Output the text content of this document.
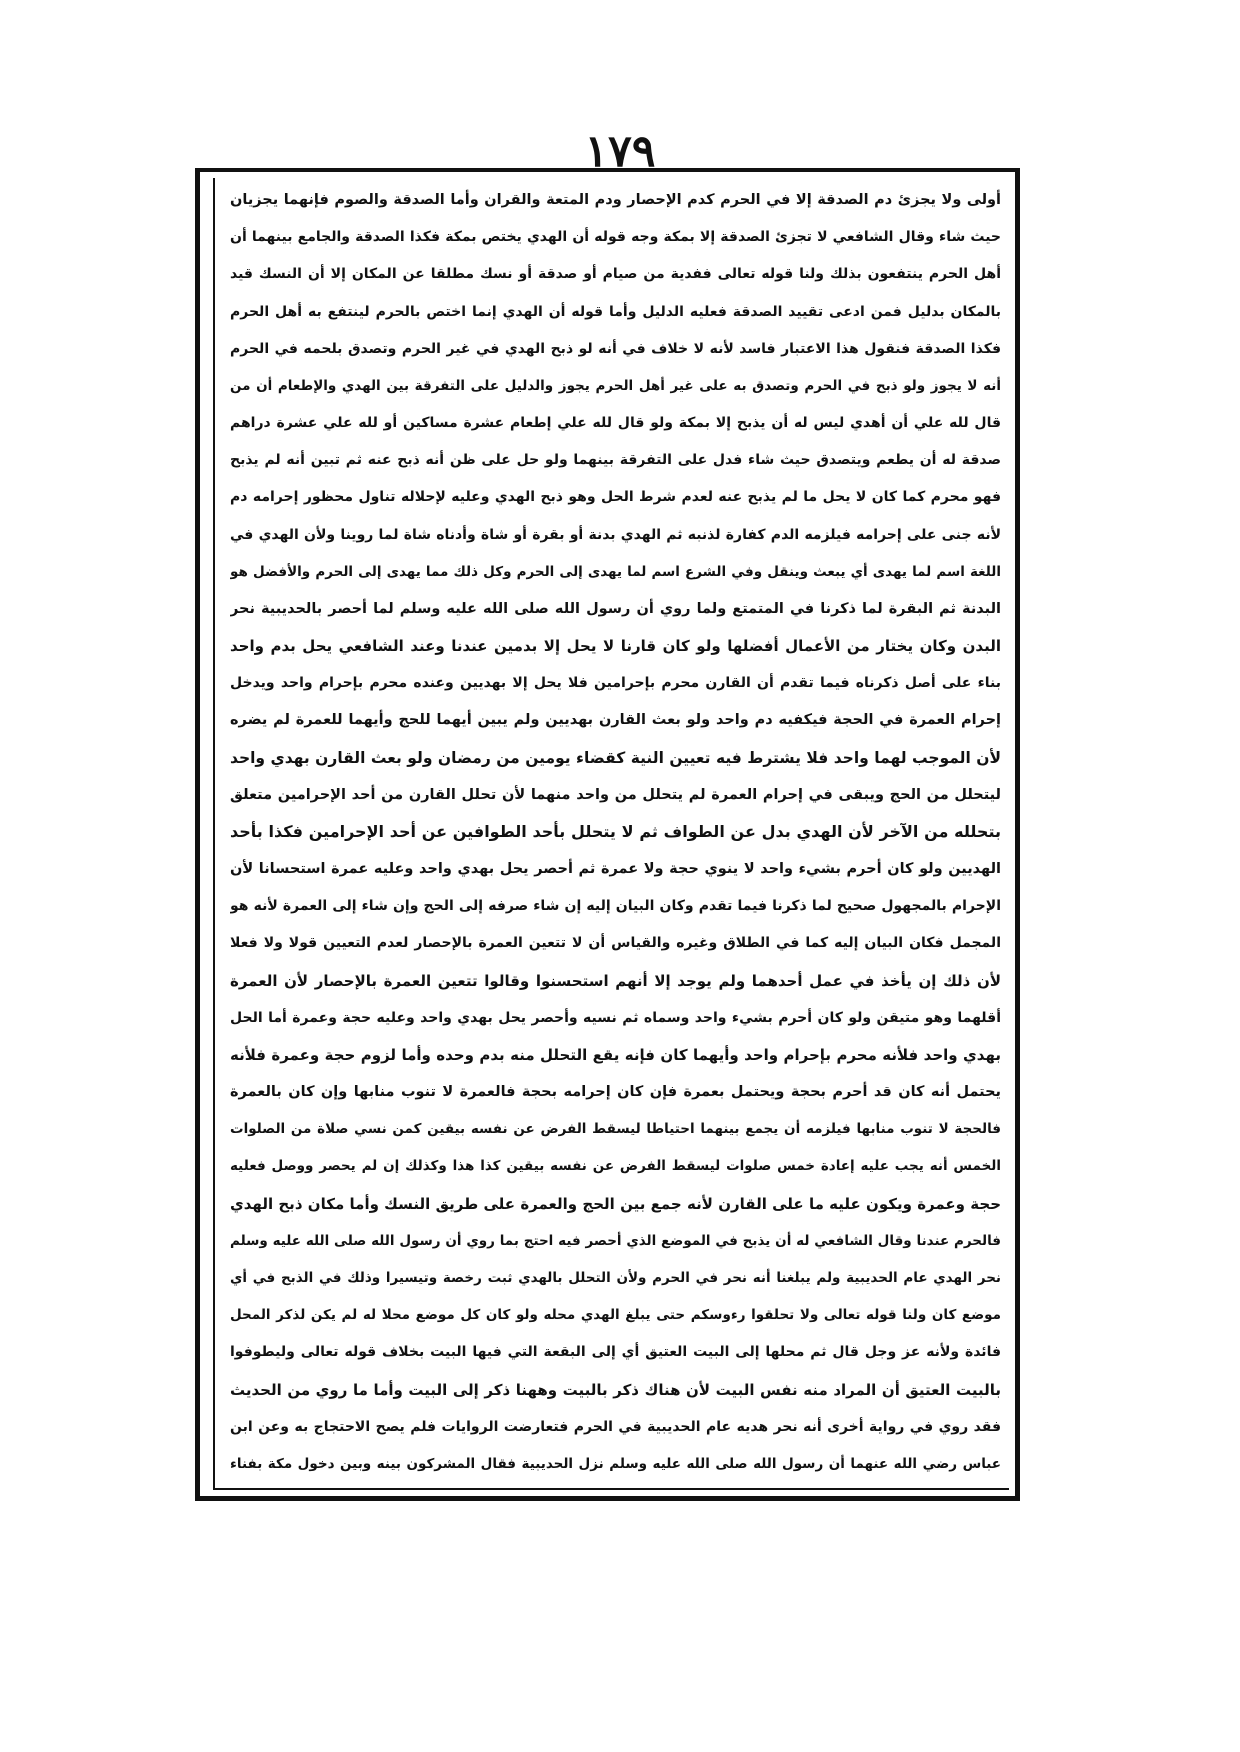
١٧٩
أولى ولا يجزئ دم الصدقة إلا في الحرم كدم الإحصار ودم المتعة والقران وأما الصدقة والصوم فإنهما يجزيان
حيث شاء وقال الشافعي لا تجزئ الصدقة إلا بمكة وجه قوله أن الهدي يختص بمكة فكذا الصدقة والجامع بينهما أن
أهل الحرم ينتفعون بذلك ولنا قوله تعالى ففدية من صيام أو صدقة أو نسك مطلقا عن المكان إلا أن النسك قيد
بالمكان بدليل فمن ادعى تقييد الصدقة فعليه الدليل وأما قوله أن الهدي إنما اختص بالحرم لينتفع به أهل الحرم
فكذا الصدقة فنقول هذا الاعتبار فاسد لأنه لا خلاف في أنه لو ذبح الهدي في غير الحرم وتصدق بلحمه في الحرم
أنه لا يجوز ولو ذبح في الحرم وتصدق به على غير أهل الحرم يجوز والدليل على التفرقة بين الهدي والإطعام أن من
قال لله علي أن أهدي ليس له أن يذبح إلا بمكة ولو قال لله علي إطعام عشرة مساكين أو لله علي عشرة دراهم
صدقة له أن يطعم ويتصدق حيث شاء فدل على التفرقة بينهما ولو حل على ظن أنه ذبح عنه ثم تبين أنه لم يذبح
فهو محرم كما كان لا يحل ما لم يذبح عنه لعدم شرط الحل وهو ذبح الهدي وعليه لإحلاله تناول محظور إحرامه دم
لأنه جنى على إحرامه فيلزمه الدم كفارة لذنبه ثم الهدي بدنة أو بقرة أو شاة وأدناه شاة لما روينا ولأن الهدي في
اللغة اسم لما يهدى أي يبعث وينقل وفي الشرع اسم لما يهدى إلى الحرم وكل ذلك مما يهدى إلى الحرم والأفضل هو
البدنة ثم البقرة لما ذكرنا في المتمتع ولما روي أن رسول الله صلى الله عليه وسلم لما أحصر بالحديبية نحر
البدن وكان يختار من الأعمال أفضلها ولو كان قارنا لا يحل إلا بدمين عندنا وعند الشافعي يحل بدم واحد
بناء على أصل ذكرناه فيما تقدم أن القارن محرم بإحرامين فلا يحل إلا بهديين وعنده محرم بإحرام واحد ويدخل
إحرام العمرة في الحجة فيكفيه دم واحد ولو بعث القارن بهديين ولم يبين أيهما للحج وأيهما للعمرة لم يضره
لأن الموجب لهما واحد فلا يشترط فيه تعيين النية كقضاء يومين من رمضان ولو بعث القارن بهدي واحد
ليتحلل من الحج ويبقى في إحرام العمرة لم يتحلل من واحد منهما لأن تحلل القارن من أحد الإحرامين متعلق
بتحلله من الآخر لأن الهدي بدل عن الطواف ثم لا يتحلل بأحد الطوافين عن أحد الإحرامين فكذا بأحد
الهديين ولو كان أحرم بشيء واحد لا ينوي حجة ولا عمرة ثم أحصر يحل بهدي واحد وعليه عمرة استحسانا لأن
الإحرام بالمجهول صحيح لما ذكرنا فيما تقدم وكان البيان إليه إن شاء صرفه إلى الحج وإن شاء إلى العمرة لأنه هو
المجمل فكان البيان إليه كما في الطلاق وغيره والقياس أن لا تتعين العمرة بالإحصار لعدم التعيين قولا ولا فعلا
لأن ذلك إن يأخذ في عمل أحدهما ولم يوجد إلا أنهم استحسنوا وقالوا تتعين العمرة بالإحصار لأن العمرة
أقلهما وهو متيقن ولو كان أحرم بشيء واحد وسماه ثم نسيه وأحصر يحل بهدي واحد وعليه حجة وعمرة أما الحل
بهدي واحد فلأنه محرم بإحرام واحد وأيهما كان فإنه يقع التحلل منه بدم وحده وأما لزوم حجة وعمرة فلأنه
يحتمل أنه كان قد أحرم بحجة ويحتمل بعمرة فإن كان إحرامه بحجة فالعمرة لا تنوب منابها وإن كان بالعمرة
فالحجة لا تنوب منابها فيلزمه أن يجمع بينهما احتياطا ليسقط الفرض عن نفسه بيقين كمن نسي صلاة من الصلوات
الخمس أنه يجب عليه إعادة خمس صلوات ليسقط الفرض عن نفسه بيقين كذا هذا وكذلك إن لم يحصر ووصل فعليه
حجة وعمرة ويكون عليه ما على القارن لأنه جمع بين الحج والعمرة على طريق النسك وأما مكان ذبح الهدي
فالحرم عندنا وقال الشافعي له أن يذبح في الموضع الذي أحصر فيه احتج بما روي أن رسول الله صلى الله عليه وسلم
نحر الهدي عام الحديبية ولم يبلغنا أنه نحر في الحرم ولأن التحلل بالهدي ثبت رخصة وتيسيرا وذلك في الذبح في أي
موضع كان ولنا قوله تعالى ولا تحلقوا رءوسكم حتى يبلغ الهدي محله ولو كان كل موضع محلا له لم يكن لذكر المحل
فائدة ولأنه عز وجل قال ثم محلها إلى البيت العتيق أي إلى البقعة التي فيها البيت بخلاف قوله تعالى وليطوفوا
بالبيت العتيق أن المراد منه نفس البيت لأن هناك ذكر بالبيت وههنا ذكر إلى البيت وأما ما روي من الحديث
فقد روي في رواية أخرى أنه نحر هديه عام الحديبية في الحرم فتعارضت الروايات فلم يصح الاحتجاج به وعن ابن
عباس رضي الله عنهما أن رسول الله صلى الله عليه وسلم نزل الحديبية فقال المشركون بينه وبين دخول مكة بفناء
